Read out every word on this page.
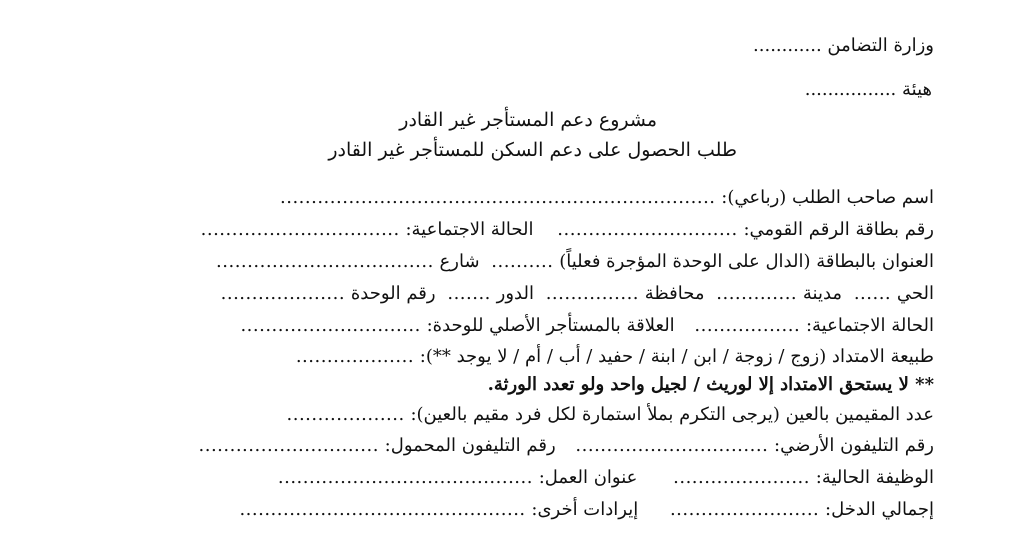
وزارة التضامن ............
هيئة ................
مشروع دعم المستأجر غير القادر
طلب الحصول على دعم السكن للمستأجر غير القادر
اسم صاحب الطلب (رباعي): ......................................................................
رقم بطاقة الرقم القومي: ............................. الحالة الاجتماعية: ................................
العنوان بالبطاقة (الدال على الوحدة المؤجرة فعلياً) .......... شارع ...................................
الحي ...... مدينة ............. محافظة ............... الدور ....... رقم الوحدة ....................
الحالة الاجتماعية: ................. العلاقة بالمستأجر الأصلي للوحدة: .............................
طبيعة الامتداد (زوج / زوجة / ابن / ابنة / حفيد / أب / أم / لا يوجد **): ...................
** لا يستحق الامتداد إلا لوريث / لجيل واحد ولو تعدد الورثة.
عدد المقيمين بالعين (يرجى التكرم بملأ استمارة لكل فرد مقيم بالعين): ...................
رقم التليفون الأرضي: ............................... رقم التليفون المحمول: .............................
الوظيفة الحالية: ...................... عنوان العمل: .........................................
إجمالي الدخل: ........................ إيرادات أخرى: ..............................................
